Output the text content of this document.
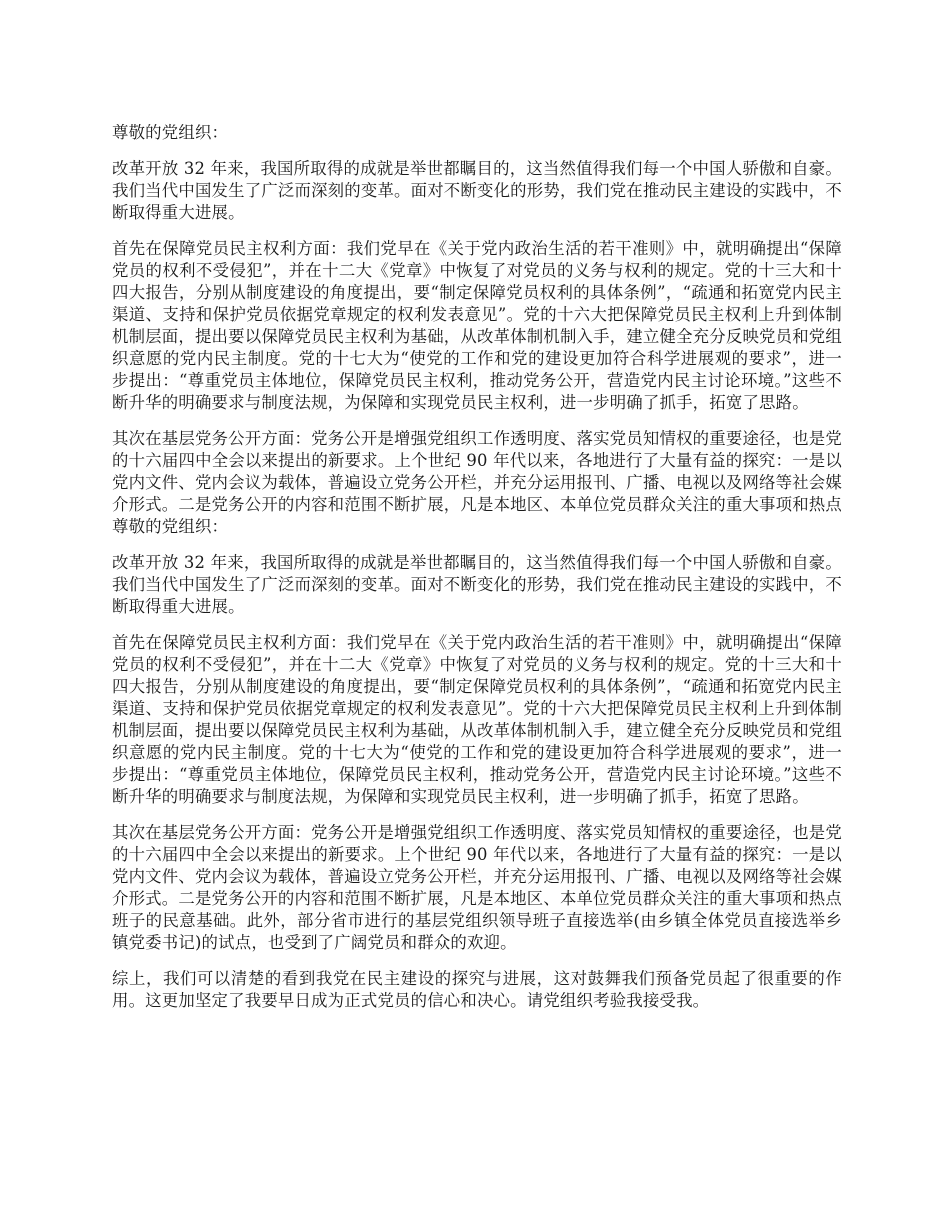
尊敬的党组织：

改革开放 32 年来，我国所取得的成就是举世都瞩目的，这当然值得我们每一个中国人骄傲和自豪。我们当代中国发生了广泛而深刻的变革。面对不断变化的形势，我们党在推动民主建设的实践中，不断取得重大进展。

首先在保障党员民主权利方面：我们党早在《关于党内政治生活的若干准则》中，就明确提出“保障党员的权利不受侵犯”，并在十二大《党章》中恢复了对党员的义务与权利的规定。党的十三大和十四大报告，分别从制度建设的角度提出，要“制定保障党员权利的具体条例”，“疏通和拓宽党内民主渠道、支持和保护党员依据党章规定的权利发表意见”。党的十六大把保障党员民主权利上升到体制机制层面，提出要以保障党员民主权利为基础，从改革体制机制入手，建立健全充分反映党员和党组织意愿的党内民主制度。党的十七大为“使党的工作和党的建设更加符合科学进展观的要求”，进一步提出：“尊重党员主体地位，保障党员民主权利，推动党务公开，营造党内民主讨论环境。”这些不断升华的明确要求与制度法规，为保障和实现党员民主权利，进一步明确了抓手，拓宽了思路。

其次在基层党务公开方面：党务公开是增强党组织工作透明度、落实党员知情权的重要途径，也是党的十六届四中全会以来提出的新要求。上个世纪 90 年代以来，各地进行了大量有益的探究：一是以党内文件、党内会议为载体，普遍设立党务公开栏，并充分运用报刊、广播、电视以及网络等社会媒介形式。二是党务公开的内容和范围不断扩展，凡是本地区、本单位党员群众关注的重大事项和热点尊敬的党组织：

改革开放 32 年来，我国所取得的成就是举世都瞩目的，这当然值得我们每一个中国人骄傲和自豪。我们当代中国发生了广泛而深刻的变革。面对不断变化的形势，我们党在推动民主建设的实践中，不断取得重大进展。

首先在保障党员民主权利方面：我们党早在《关于党内政治生活的若干准则》中，就明确提出“保障党员的权利不受侵犯”，并在十二大《党章》中恢复了对党员的义务与权利的规定。党的十三大和十四大报告，分别从制度建设的角度提出，要“制定保障党员权利的具体条例”，“疏通和拓宽党内民主渠道、支持和保护党员依据党章规定的权利发表意见”。党的十六大把保障党员民主权利上升到体制机制层面，提出要以保障党员民主权利为基础，从改革体制机制入手，建立健全充分反映党员和党组织意愿的党内民主制度。党的十七大为“使党的工作和党的建设更加符合科学进展观的要求”，进一步提出：“尊重党员主体地位，保障党员民主权利，推动党务公开，营造党内民主讨论环境。”这些不断升华的明确要求与制度法规，为保障和实现党员民主权利，进一步明确了抓手，拓宽了思路。

其次在基层党务公开方面：党务公开是增强党组织工作透明度、落实党员知情权的重要途径，也是党的十六届四中全会以来提出的新要求。上个世纪 90 年代以来，各地进行了大量有益的探究：一是以党内文件、党内会议为载体，普遍设立党务公开栏，并充分运用报刊、广播、电视以及网络等社会媒介形式。二是党务公开的内容和范围不断扩展，凡是本地区、本单位党员群众关注的重大事项和热点班子的民意基础。此外，部分省市进行的基层党组织领导班子直接选举(由乡镇全体党员直接选举乡镇党委书记)的试点，也受到了广阔党员和群众的欢迎。

综上，我们可以清楚的看到我党在民主建设的探究与进展，这对鼓舞我们预备党员起了很重要的作用。这更加坚定了我要早日成为正式党员的信心和决心。请党组织考验我接受我。
